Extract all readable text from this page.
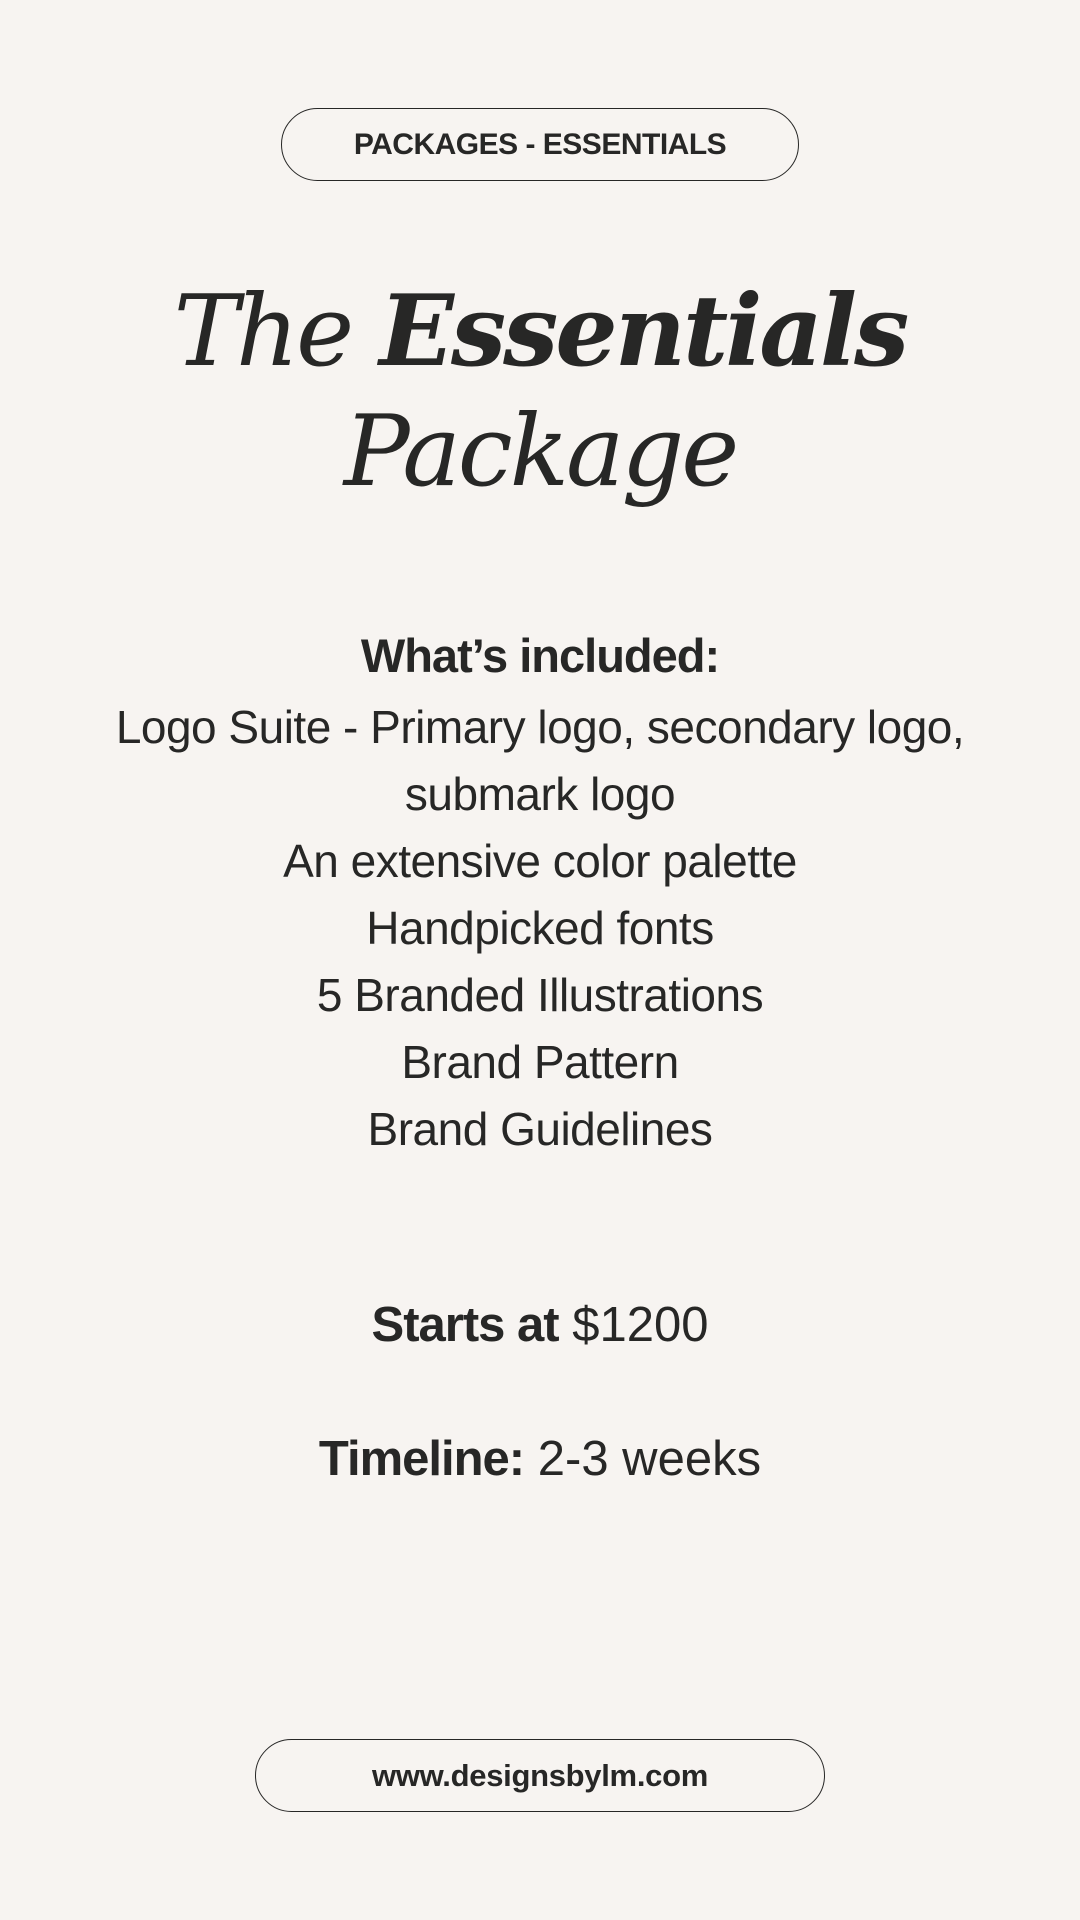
PACKAGES - ESSENTIALS
The Essentials
Package
What’s included:
Logo Suite - Primary logo, secondary logo,
submark logo
An extensive color palette
Handpicked fonts
5 Branded Illustrations
Brand Pattern
Brand Guidelines
Starts at $1200
Timeline: 2-3 weeks
www.designsbylm.com
